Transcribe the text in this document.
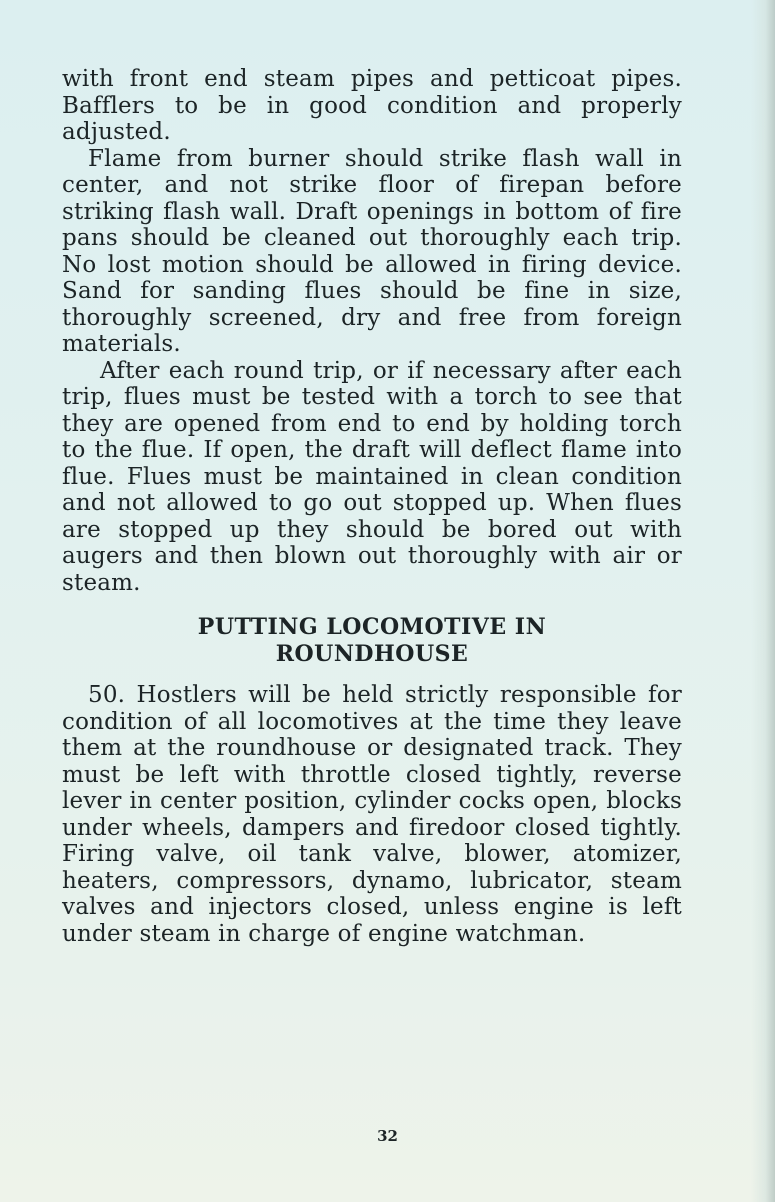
with front end steam pipes and petticoat pipes. Bafflers to be in good condition and properly adjusted.

Flame from burner should strike flash wall in center, and not strike floor of firepan before striking flash wall. Draft openings in bottom of fire pans should be cleaned out thoroughly each trip. No lost motion should be allowed in firing device. Sand for sanding flues should be fine in size, thoroughly screened, dry and free from foreign materials.

After each round trip, or if necessary after each trip, flues must be tested with a torch to see that they are opened from end to end by holding torch to the flue. If open, the draft will deflect flame into flue. Flues must be maintained in clean condition and not allowed to go out stopped up. When flues are stopped up they should be bored out with augers and then blown out thoroughly with air or steam.

PUTTING LOCOMOTIVE IN
ROUNDHOUSE

50. Hostlers will be held strictly responsible for condition of all locomotives at the time they leave them at the roundhouse or designated track. They must be left with throttle closed tightly, reverse lever in center position, cylinder cocks open, blocks under wheels, dampers and firedoor closed tightly. Firing valve, oil tank valve, blower, atomizer, heaters, compressors, dynamo, lubricator, steam valves and injectors closed, unless engine is left under steam in charge of engine watchman.

32
